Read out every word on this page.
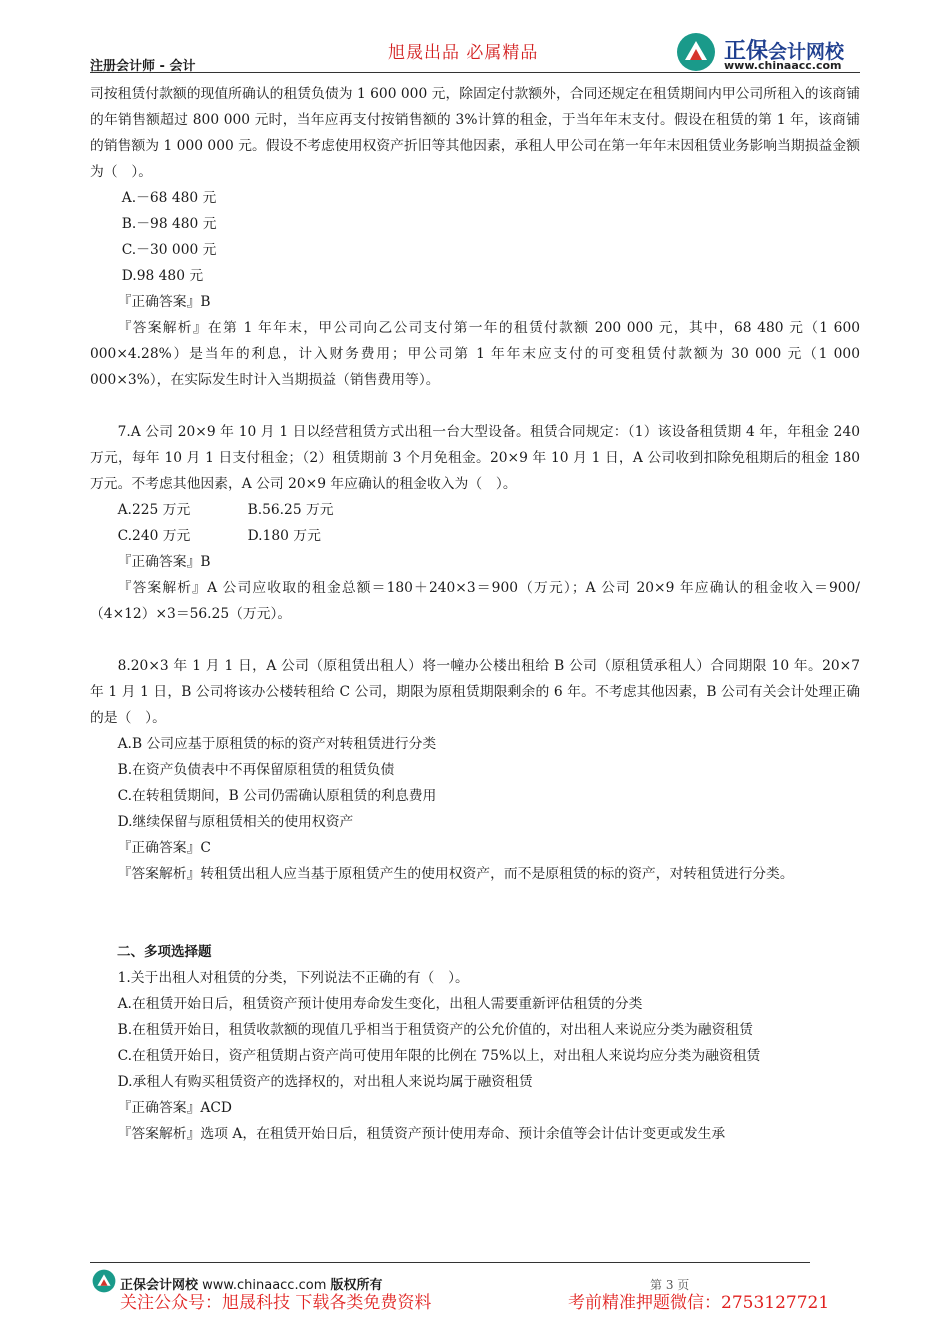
注册会计师 - 会计
旭晟出品 必属精品	正保会计网校
www.chinaacc.com

司按租赁付款额的现值所确认的租赁负债为 1 600 000 元，除固定付款额外，合同还规定在租赁期间内甲公司所租入的该商铺的年销售额超过 800 000 元时，当年应再支付按销售额的 3%计算的租金，于当年年末支付。假设在租赁的第 1 年，该商铺的销售额为 1 000 000 元。假设不考虑使用权资产折旧等其他因素，承租人甲公司在第一年年末因租赁业务影响当期损益金额为（　）。

A.－68 480 元

B.－98 480 元

C.－30 000 元

D.98 480 元

『正确答案』B

『答案解析』在第 1 年年末，甲公司向乙公司支付第一年的租赁付款额 200 000 元，其中，68 480 元（1 600 000×4.28%）是当年的利息，计入财务费用；甲公司第 1 年年末应支付的可变租赁付款额为 30 000 元（1 000 000×3%），在实际发生时计入当期损益（销售费用等）。

7.A 公司 20×9 年 10 月 1 日以经营租赁方式出租一台大型设备。租赁合同规定：（1）该设备租赁期 4 年，年租金 240 万元，每年 10 月 1 日支付租金；（2）租赁期前 3 个月免租金。20×9 年 10 月 1 日，A 公司收到扣除免租期后的租金 180 万元。不考虑其他因素，A 公司 20×9 年应确认的租金收入为（　）。

A.225 万元	B.56.25 万元
C.240 万元	D.180 万元

『正确答案』B

『答案解析』A 公司应收取的租金总额＝180＋240×3＝900（万元）；A 公司 20×9 年应确认的租金收入＝900/（4×12）×3＝56.25（万元）。

8.20×3 年 1 月 1 日，A 公司（原租赁出租人）将一幢办公楼出租给 B 公司（原租赁承租人）合同期限 10 年。20×7 年 1 月 1 日，B 公司将该办公楼转租给 C 公司，期限为原租赁期限剩余的 6 年。不考虑其他因素，B 公司有关会计处理正确的是（　）。

A.B 公司应基于原租赁的标的资产对转租赁进行分类

B.在资产负债表中不再保留原租赁的租赁负债

C.在转租赁期间，B 公司仍需确认原租赁的利息费用

D.继续保留与原租赁相关的使用权资产

『正确答案』C

『答案解析』转租赁出租人应当基于原租赁产生的使用权资产，而不是原租赁的标的资产，对转租赁进行分类。

二、多项选择题

1.关于出租人对租赁的分类，下列说法不正确的有（　）。

A.在租赁开始日后，租赁资产预计使用寿命发生变化，出租人需要重新评估租赁的分类

B.在租赁开始日，租赁收款额的现值几乎相当于租赁资产的公允价值的，对出租人来说应分类为融资租赁

C.在租赁开始日，资产租赁期占资产尚可使用年限的比例在 75%以上，对出租人来说均应分类为融资租赁

D.承租人有购买租赁资产的选择权的，对出租人来说均属于融资租赁

『正确答案』ACD

『答案解析』选项 A，在租赁开始日后，租赁资产预计使用寿命、预计余值等会计估计变更或发生承

正保会计网校 www.chinaacc.com 版权所有	第 3 页
关注公众号：旭晟科技 下载各类免费资料	考前精准押题微信：2753127721
